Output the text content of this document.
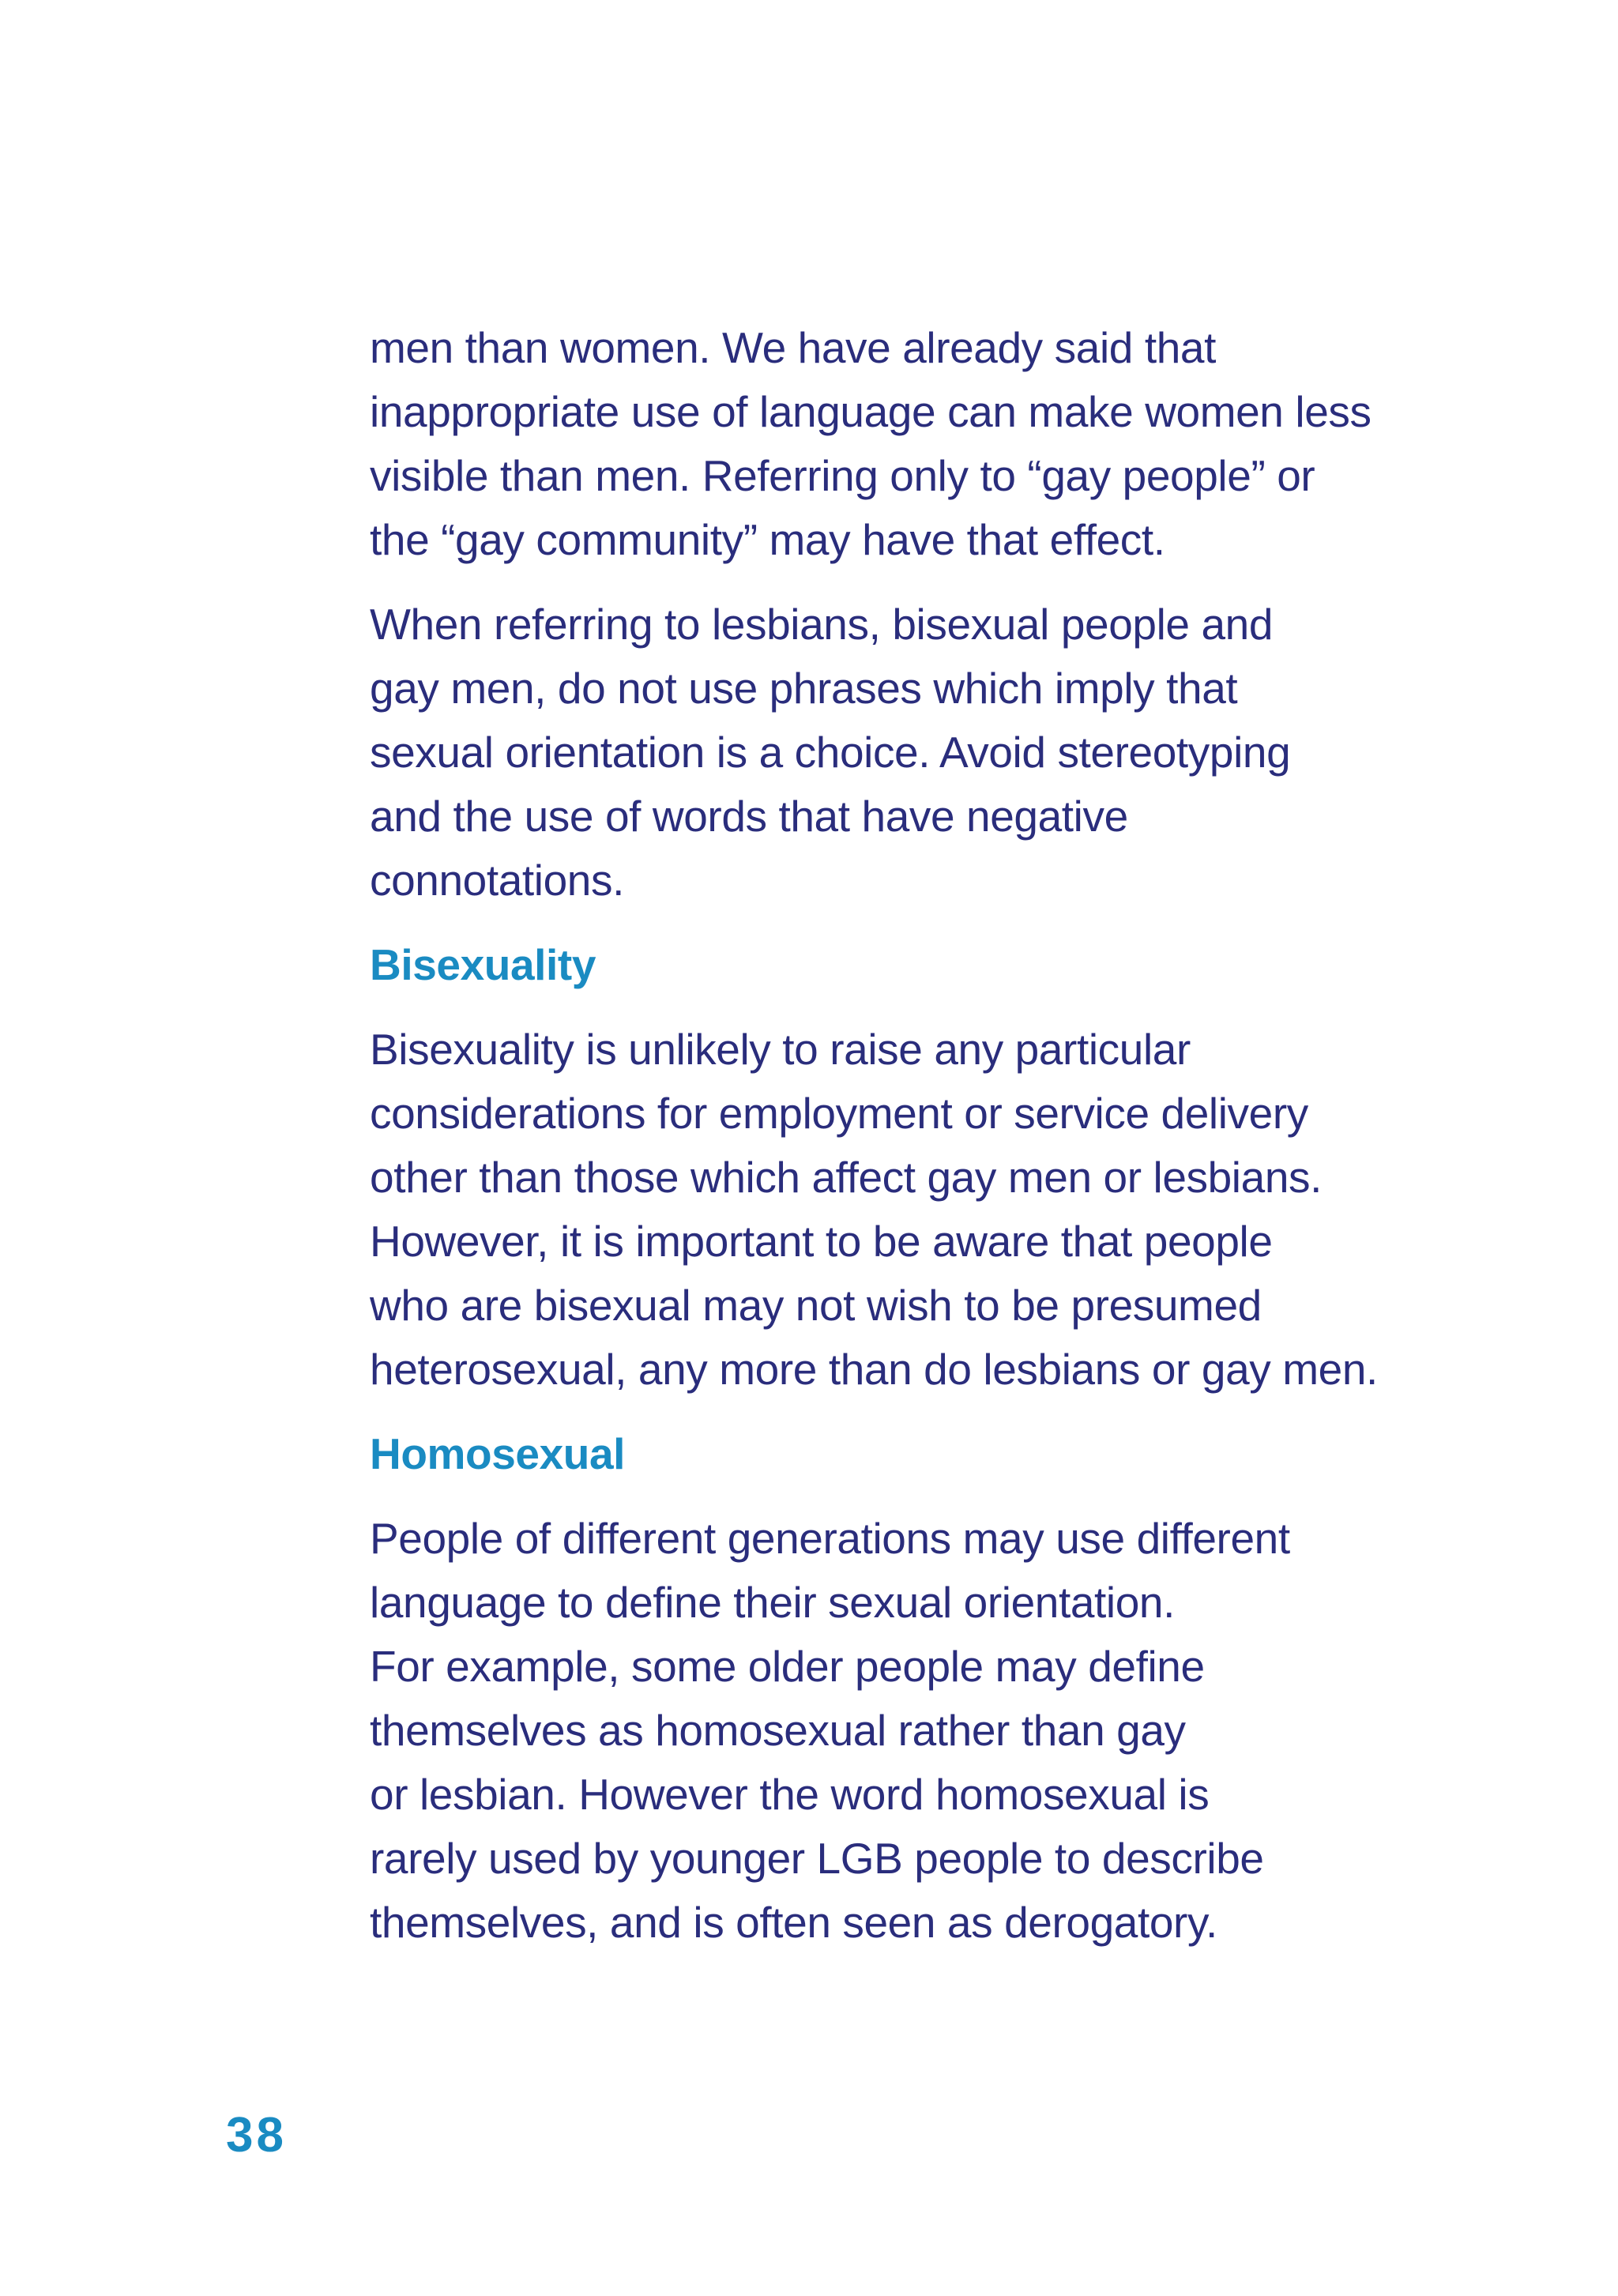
men than women. We have already said that
inappropriate use of language can make women less
visible than men. Referring only to “gay people” or
the “gay community” may have that effect.

When referring to lesbians, bisexual people and
gay men, do not use phrases which imply that
sexual orientation is a choice. Avoid stereotyping
and the use of words that have negative
connotations.

Bisexuality

Bisexuality is unlikely to raise any particular
considerations for employment or service delivery
other than those which affect gay men or lesbians.
However, it is important to be aware that people
who are bisexual may not wish to be presumed
heterosexual, any more than do lesbians or gay men.

Homosexual

People of different generations may use different
language to define their sexual orientation.
For example, some older people may define
themselves as homosexual rather than gay
or lesbian. However the word homosexual is
rarely used by younger LGB people to describe
themselves, and is often seen as derogatory.

38
